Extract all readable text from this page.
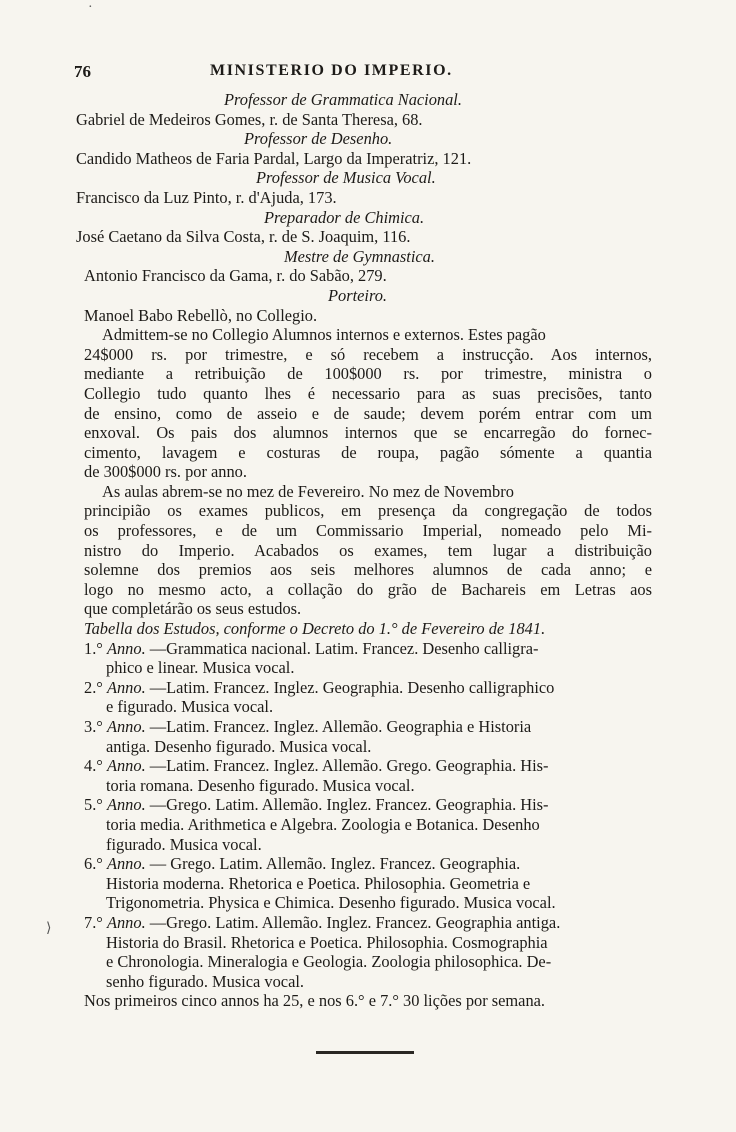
76	MINISTERIO DO IMPERIO.
Professor de Grammatica Nacional.
Gabriel de Medeiros Gomes, r. de Santa Theresa, 68.
Professor de Desenho.
Candido Matheos de Faria Pardal, Largo da Imperatriz, 121.
Professor de Musica Vocal.
Francisco da Luz Pinto, r. d'Ajuda, 173.
Preparador de Chimica.
José Caetano da Silva Costa, r. de S. Joaquim, 116.
Mestre de Gymnastica.
Antonio Francisco da Gama, r. do Sabão, 279.
Porteiro.
Manoel Babo Rebellò, no Collegio.
Admittem-se no Collegio Alumnos internos e externos. Estes pagão
24$000 rs. por trimestre, e só recebem a instrucção. Aos internos,
mediante a retribuição de 100$000 rs. por trimestre, ministra o
Collegio tudo quanto lhes é necessario para as suas precisões, tanto
de ensino, como de asseio e de saude; devem porém entrar com um
enxoval. Os pais dos alumnos internos que se encarregão do fornec-
cimento, lavagem e costuras de roupa, pagão sómente a quantia
de 300$000 rs. por anno.
As aulas abrem-se no mez de Fevereiro. No mez de Novembro
principião os exames publicos, em presença da congregação de todos
os professores, e de um Commissario Imperial, nomeado pelo Mi-
nistro do Imperio. Acabados os exames, tem lugar a distribuição
solemne dos premios aos seis melhores alumnos de cada anno; e
logo no mesmo acto, a collação do grão de Bachareis em Letras aos
que completárão os seus estudos.
Tabella dos Estudos, conforme o Decreto do 1.° de Fevereiro de 1841.
1.° Anno. —Grammatica nacional. Latim. Francez. Desenho calligra-
phico e linear. Musica vocal.
2.° Anno. —Latim. Francez. Inglez. Geographia. Desenho calligraphico
e figurado. Musica vocal.
3.° Anno. —Latim. Francez. Inglez. Allemão. Geographia e Historia
antiga. Desenho figurado. Musica vocal.
4.° Anno. —Latim. Francez. Inglez. Allemão. Grego. Geographia. His-
toria romana. Desenho figurado. Musica vocal.
5.° Anno. —Grego. Latim. Allemão. Inglez. Francez. Geographia. His-
toria media. Arithmetica e Algebra. Zoologia e Botanica. Desenho
figurado. Musica vocal.
6.° Anno. — Grego. Latim. Allemão. Inglez. Francez. Geographia.
Historia moderna. Rhetorica e Poetica. Philosophia. Geometria e
Trigonometria. Physica e Chimica. Desenho figurado. Musica vocal.
7.° Anno. —Grego. Latim. Allemão. Inglez. Francez. Geographia antiga.
Historia do Brasil. Rhetorica e Poetica. Philosophia. Cosmographia
e Chronologia. Mineralogia e Geologia. Zoologia philosophica. De-
senho figurado. Musica vocal.
Nos primeiros cinco annos ha 25, e nos 6.° e 7.° 30 lições por semana.
⟩
·
